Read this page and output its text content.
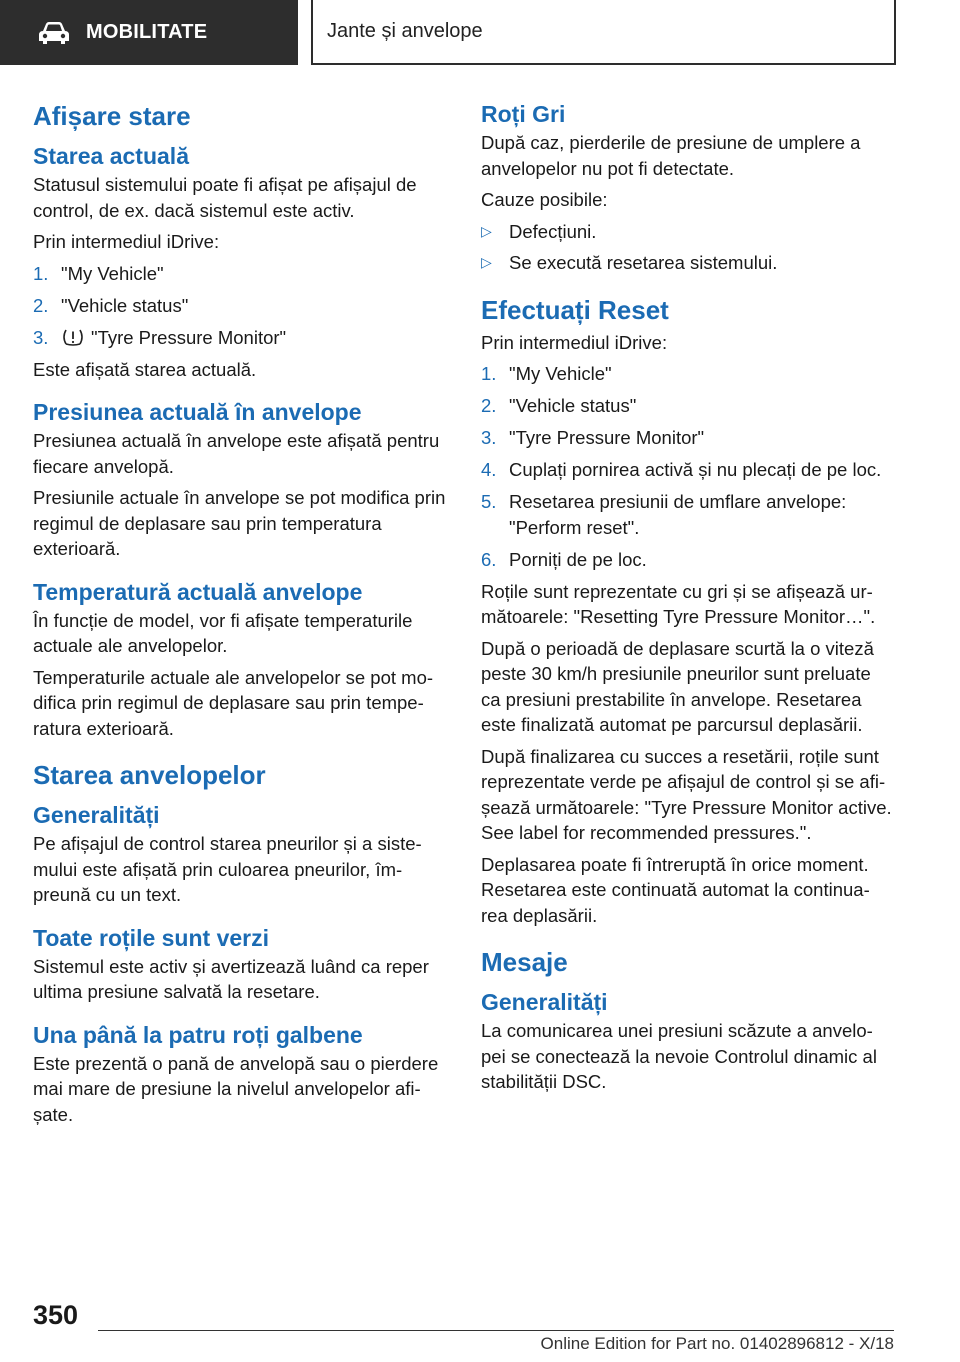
MOBILITATE	Jante și anvelope
Afișare stare
Starea actuală

Statusul sistemului poate fi afișat pe afișajul de control, de ex. dacă sistemul este activ.

Prin intermediul iDrive:

1. "My Vehicle"
2. "Vehicle status"
3. "Tyre Pressure Monitor"

Este afișată starea actuală.

Presiunea actuală în anvelope

Presiunea actuală în anvelope este afișată pentru fiecare anvelopă.

Presiunile actuale în anvelope se pot modifica prin regimul de deplasare sau prin temperatura exterioară.

Temperatură actuală anvelope

În funcție de model, vor fi afișate temperaturile actuale ale anvelopelor.

Temperaturile actuale ale anvelopelor se pot mo‐difica prin regimul de deplasare sau prin tempe‐ratura exterioară.

Starea anvelopelor
Generalități

Pe afișajul de control starea pneurilor și a siste‐mului este afișată prin culoarea pneurilor, îm‐preună cu un text.

Toate roțile sunt verzi

Sistemul este activ și avertizează luând ca reper ultima presiune salvată la resetare.

Una până la patru roți galbene

Este prezentă o pană de anvelopă sau o pierdere mai mare de presiune la nivelul anvelopelor afi‐șate.

Roți Gri

După caz, pierderile de presiune de umplere a anvelopelor nu pot fi detectate.

Cauze posibile:

▷ Defecțiuni.
▷ Se execută resetarea sistemului.
Efectuați Reset

Prin intermediul iDrive:

1. "My Vehicle"
2. "Vehicle status"
3. "Tyre Pressure Monitor"
4. Cuplați pornirea activă și nu plecați de pe loc.
5. Resetarea presiunii de umflare anvelope: "Perform reset".
6. Porniți de pe loc.

Roțile sunt reprezentate cu gri și se afișează ur‐mătoarele: "Resetting Tyre Pressure Monitor…".

După o perioadă de deplasare scurtă la o viteză peste 30 km/h presiunile pneurilor sunt preluate ca presiuni prestabilite în anvelope. Resetarea este finalizată automat pe parcursul deplasării.

După finalizarea cu succes a resetării, roțile sunt reprezentate verde pe afișajul de control și se afi‐șează următoarele: "Tyre Pressure Monitor active. See label for recommended pressures.".

Deplasarea poate fi întreruptă în orice moment. Resetarea este continuată automat la continua‐rea deplasării.

Mesaje
Generalități

La comunicarea unei presiuni scăzute a anvelo‐pei se conectează la nevoie Controlul dinamic al stabilității DSC.

350
Online Edition for Part no. 01402896812 - X/18
